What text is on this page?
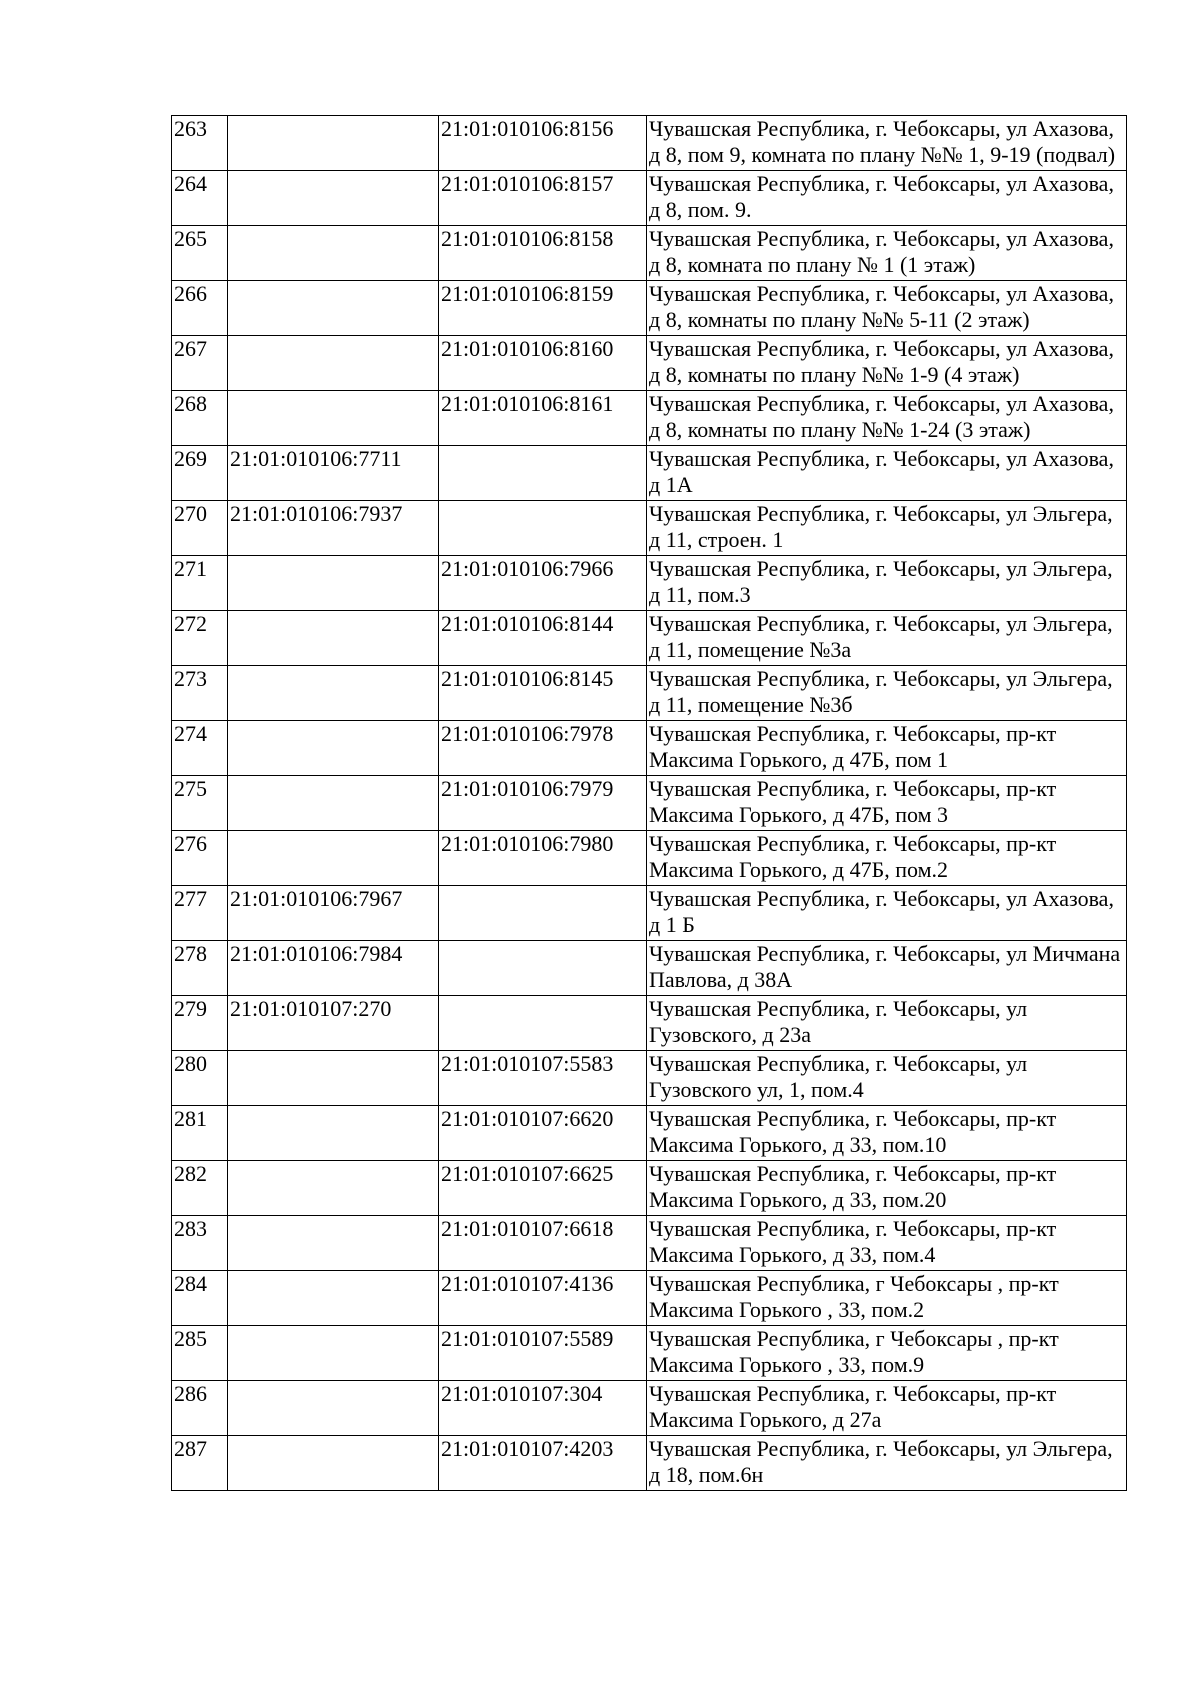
263		21:01:010106:8156	Чувашская Республика, г. Чебоксары, ул Ахазова, д 8, пом 9, комната по плану №№ 1, 9-19 (подвал)
264		21:01:010106:8157	Чувашская Республика, г. Чебоксары, ул Ахазова, д 8, пом. 9.
265		21:01:010106:8158	Чувашская Республика, г. Чебоксары, ул Ахазова, д 8, комната по плану № 1 (1 этаж)
266		21:01:010106:8159	Чувашская Республика, г. Чебоксары, ул Ахазова, д 8, комнаты по плану №№ 5-11 (2 этаж)
267		21:01:010106:8160	Чувашская Республика, г. Чебоксары, ул Ахазова, д 8, комнаты по плану №№ 1-9 (4 этаж)
268		21:01:010106:8161	Чувашская Республика, г. Чебоксары, ул Ахазова, д 8, комнаты по плану №№ 1-24 (3 этаж)
269	21:01:010106:7711		Чувашская Республика, г. Чебоксары, ул Ахазова, д 1А
270	21:01:010106:7937		Чувашская Республика, г. Чебоксары, ул Эльгера, д 11, строен. 1
271		21:01:010106:7966	Чувашская Республика, г. Чебоксары, ул Эльгера, д 11, пом.3
272		21:01:010106:8144	Чувашская Республика, г. Чебоксары, ул Эльгера, д 11, помещение №3а
273		21:01:010106:8145	Чувашская Республика, г. Чебоксары, ул Эльгера, д 11, помещение №3б
274		21:01:010106:7978	Чувашская Республика, г. Чебоксары, пр-кт Максима Горького, д 47Б, пом 1
275		21:01:010106:7979	Чувашская Республика, г. Чебоксары, пр-кт Максима Горького, д 47Б, пом 3
276		21:01:010106:7980	Чувашская Республика, г. Чебоксары, пр-кт Максима Горького, д 47Б, пом.2
277	21:01:010106:7967		Чувашская Республика, г. Чебоксары, ул Ахазова, д 1 Б
278	21:01:010106:7984		Чувашская Республика, г. Чебоксары, ул Мичмана Павлова, д 38А
279	21:01:010107:270		Чувашская Республика, г. Чебоксары, ул Гузовского, д 23а
280		21:01:010107:5583	Чувашская Республика, г. Чебоксары, ул Гузовского ул, 1, пом.4
281		21:01:010107:6620	Чувашская Республика, г. Чебоксары, пр-кт Максима Горького, д 33, пом.10
282		21:01:010107:6625	Чувашская Республика, г. Чебоксары, пр-кт Максима Горького, д 33, пом.20
283		21:01:010107:6618	Чувашская Республика, г. Чебоксары, пр-кт Максима Горького, д 33, пом.4
284		21:01:010107:4136	Чувашская Республика, г Чебоксары , пр-кт Максима Горького , 33, пом.2
285		21:01:010107:5589	Чувашская Республика, г Чебоксары , пр-кт Максима Горького , 33, пом.9
286		21:01:010107:304	Чувашская Республика, г. Чебоксары, пр-кт Максима Горького, д 27а
287		21:01:010107:4203	Чувашская Республика, г. Чебоксары, ул Эльгера, д 18, пом.6н
